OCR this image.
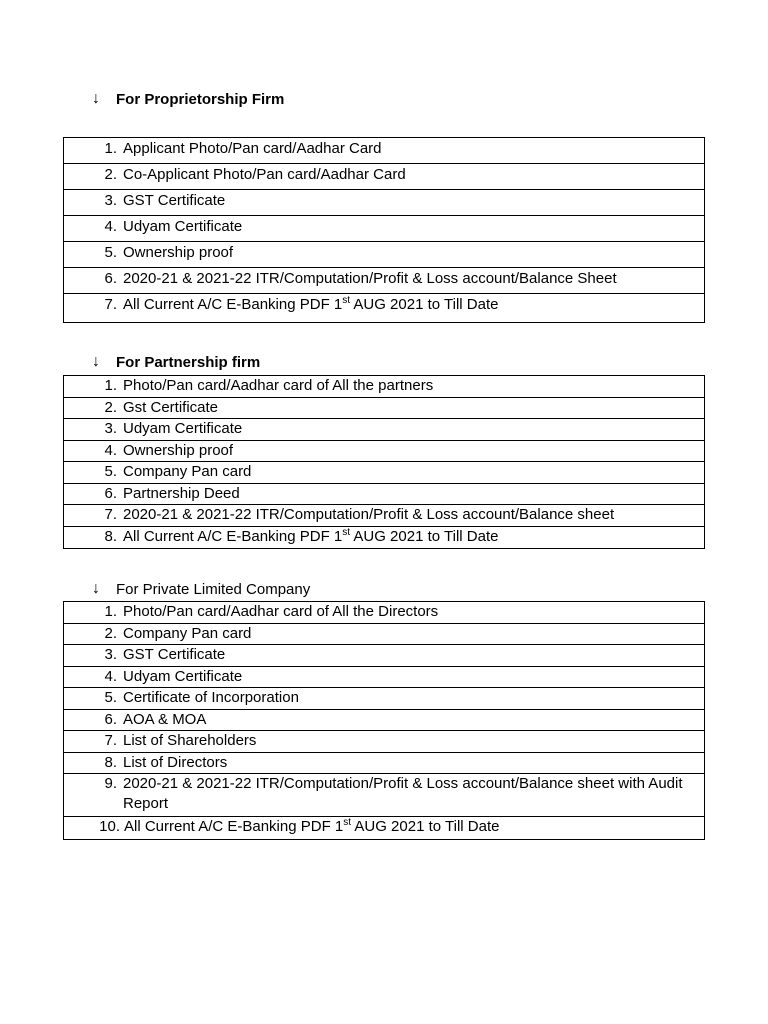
↓	For Proprietorship Firm
1. Applicant Photo/Pan card/Aadhar Card
2. Co-Applicant Photo/Pan card/Aadhar Card
3. GST Certificate
4. Udyam Certificate
5. Ownership proof
6. 2020-21 & 2021-22 ITR/Computation/Profit & Loss account/Balance Sheet
7. All Current A/C E-Banking PDF 1st AUG 2021 to Till Date
↓	For Partnership firm
1. Photo/Pan card/Aadhar card of All the partners
2. Gst Certificate
3. Udyam Certificate
4. Ownership proof
5. Company Pan card
6. Partnership Deed
7. 2020-21 & 2021-22 ITR/Computation/Profit & Loss account/Balance sheet
8. All Current A/C E-Banking PDF 1st AUG 2021 to Till Date
↓	For Private Limited Company
1. Photo/Pan card/Aadhar card of All the Directors
2. Company Pan card
3. GST Certificate
4. Udyam Certificate
5. Certificate of Incorporation
6. AOA & MOA
7. List of Shareholders
8. List of Directors
9. 2020-21 & 2021-22 ITR/Computation/Profit & Loss account/Balance sheet with Audit Report
10. All Current A/C E-Banking PDF 1st AUG 2021 to Till Date
